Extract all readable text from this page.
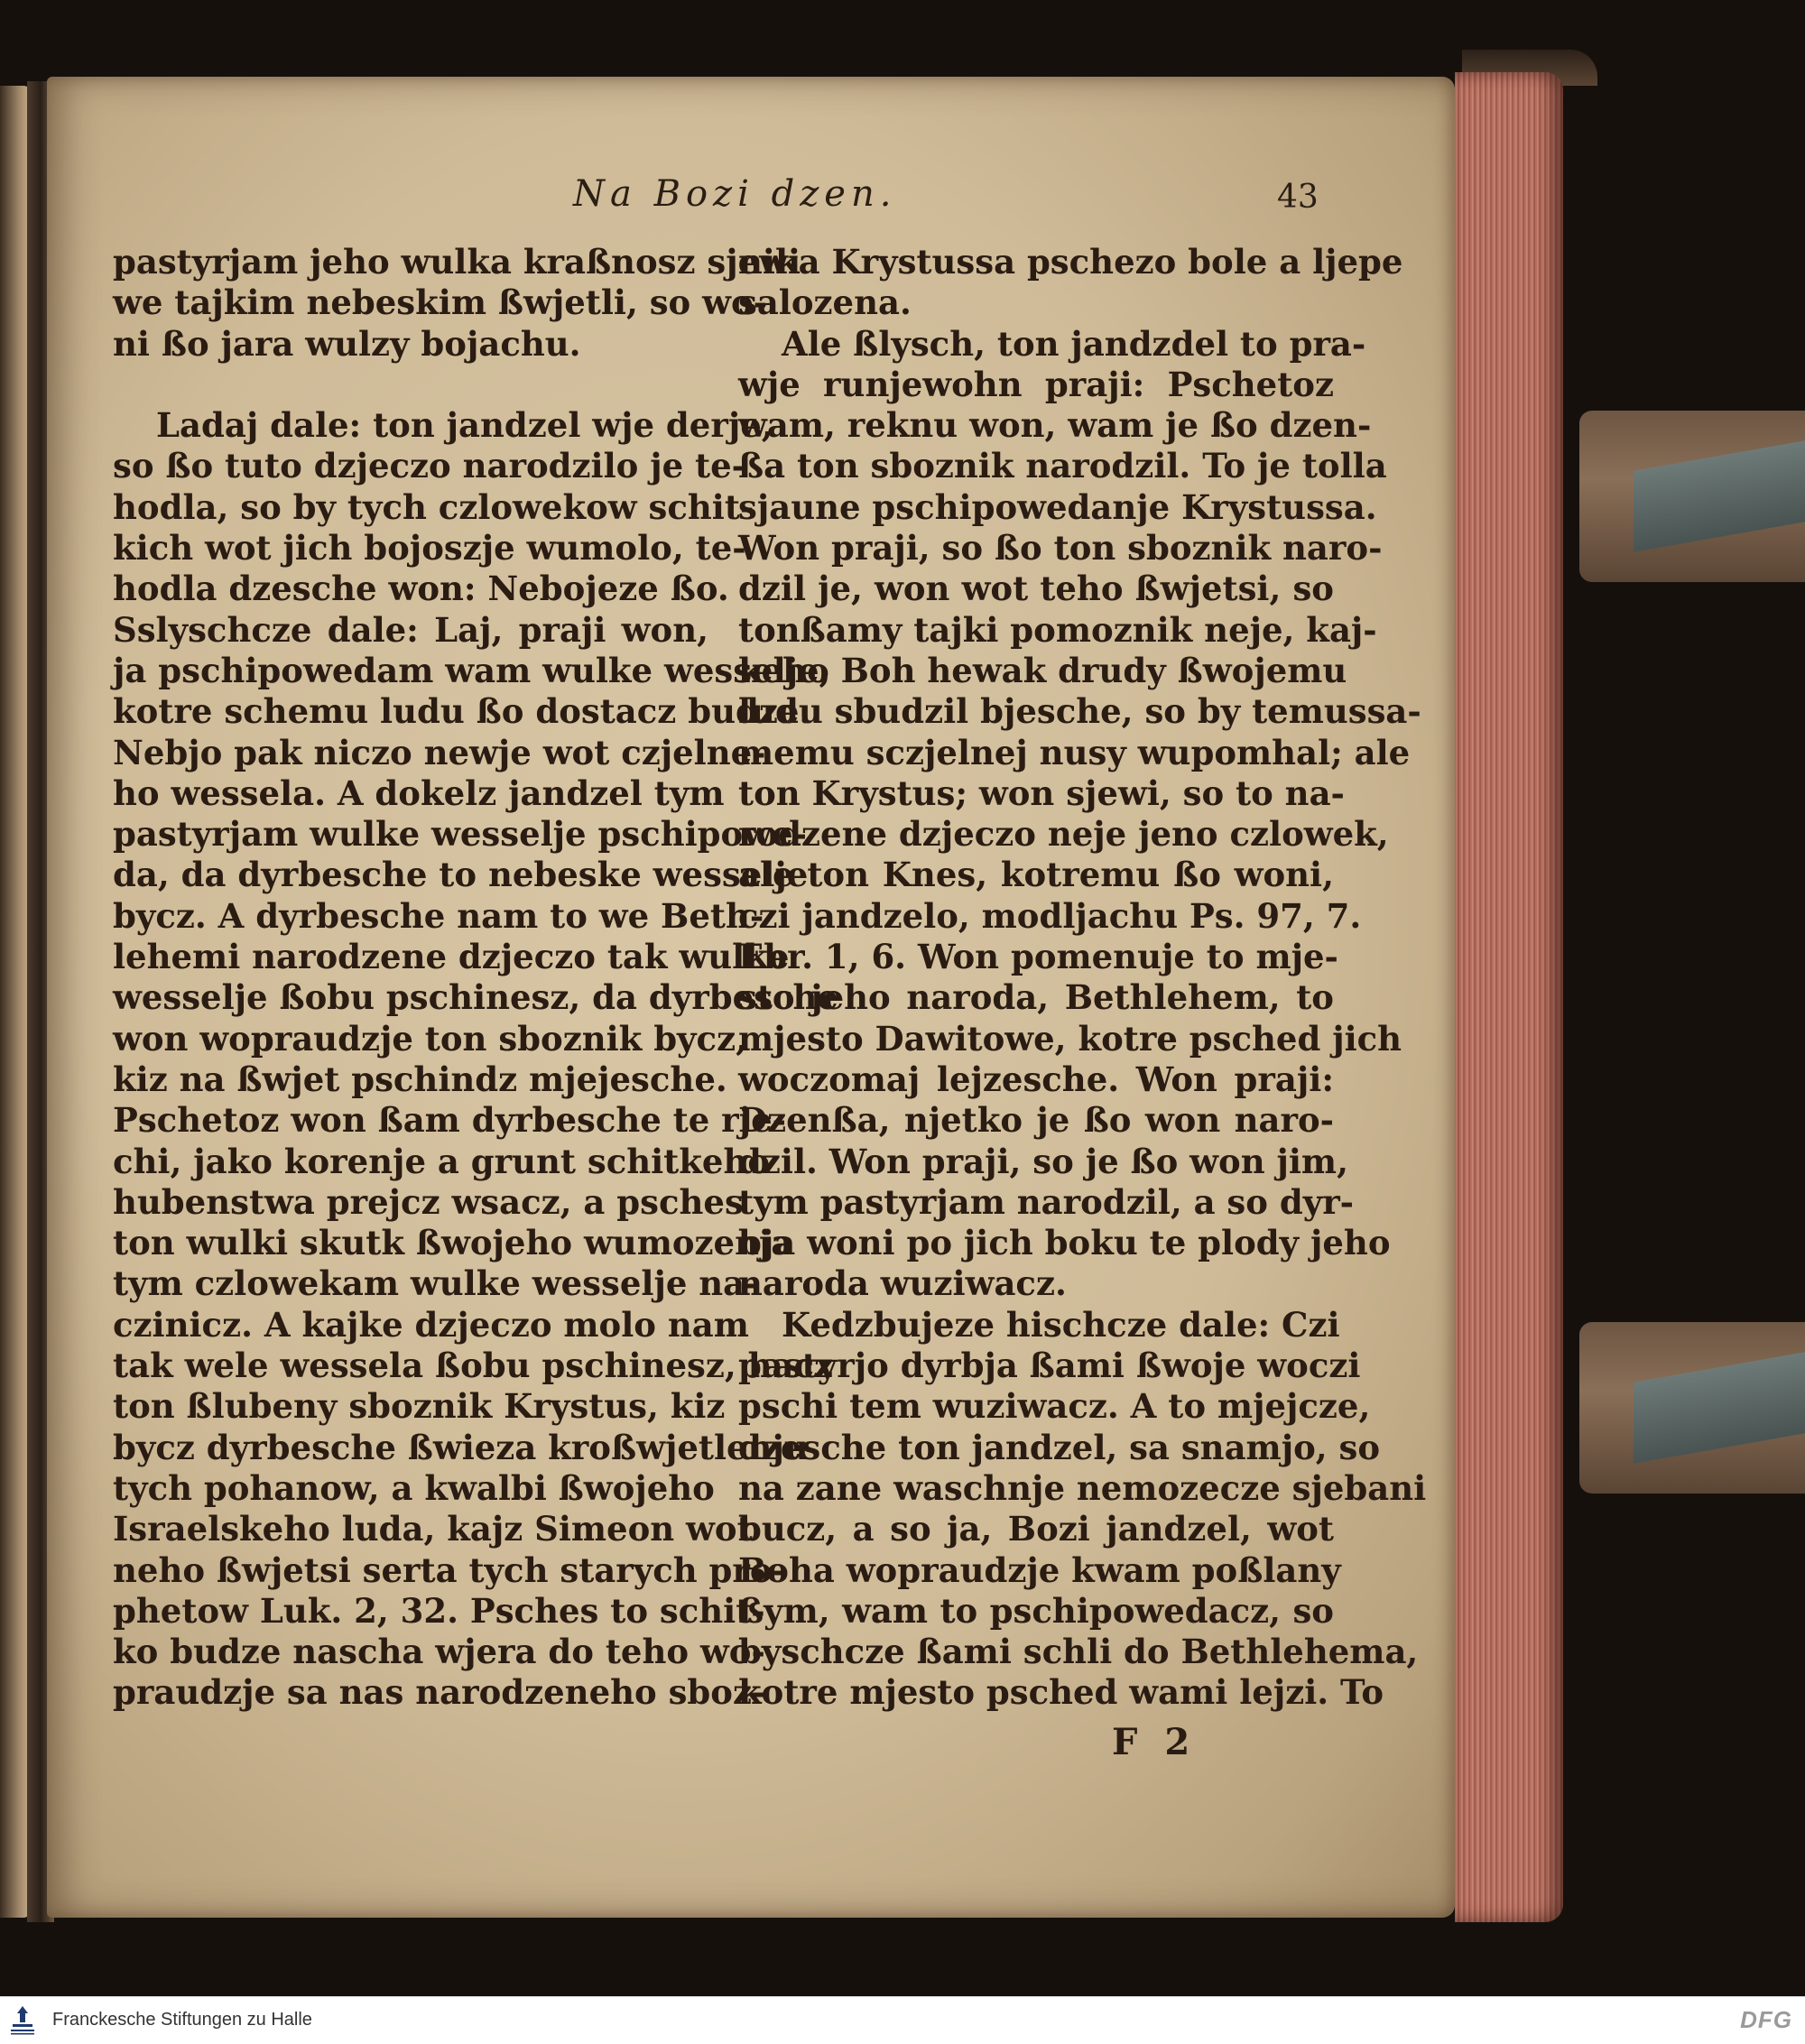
Na Bozi dzen.	43
pastyrjam jeho wulka kraßnosz sjewi
we tajkim nebeskim ßwjetli, so wo-
ni ßo jara wulzy bojachu.
Ladaj dale: ton jandzel wje derje,
so ßo tuto dzjeczo narodzilo je te-
hodla, so by tych czlowekow schit-
kich wot jich bojoszje wumolo, te-
hodla dzesche won: Nebojeze ßo.
Sslyschcze dale: Laj, praji won,
ja pschipowedam wam wulke wesselje,
kotre schemu ludu ßo dostacz budze.
Nebjo pak niczo newje wot czjelne-
ho wessela. A dokelz jandzel tym
pastyrjam wulke wesselje pschipowe-
da, da dyrbesche to nebeske wesselje
bycz. A dyrbesche nam to we Beth-
lehemi narodzene dzjeczo tak wulke
wesselje ßobu pschinesz, da dyrbesche
won wopraudzje ton sboznik bycz,
kiz na ßwjet pschindz mjejesche.
Pschetoz won ßam dyrbesche te rje-
chi, jako korenje a grunt schitkeho
hubenstwa prejcz wsacz, a psches
ton wulki skutk ßwojeho wumozenja
tym czlowekam wulke wesselje na-
czinicz. A kajke dzjeczo molo nam
tak wele wessela ßobu pschinesz, hacz
ton ßlubeny sboznik Krystus, kiz
bycz dyrbesche ßwieza kroßwjetlenju
tych pohanow, a kwalbi ßwojeho
Israelskeho luda, kajz Simeon wot
neho ßwjetsi serta tych starych pro-
phetow Luk. 2, 32. Psches to schit-
ko budze nascha wjera do teho wo-
praudzje sa nas narodzeneho sboz-
nika Krystussa pschezo bole a ljepe
salozena.
Ale ßlysch, ton jandzdel to pra-
wje runjewohn praji: Pschetoz
wam, reknu won, wam je ßo dzen-
ßa ton sboznik narodzil. To je tolla
sjaune pschipowedanje Krystussa.
Won praji, so ßo ton sboznik naro-
dzil je, won wot teho ßwjetsi, so
tonßamy tajki pomoznik neje, kaj-
keho Boh hewak drudy ßwojemu
ludu sbudzil bjesche, so by temussa-
memu sczjelnej nusy wupomhal; ale
ton Krystus; won sjewi, so to na-
rodzene dzjeczo neje jeno czlowek,
ale ton Knes, kotremu ßo woni,
czi jandzelo, modljachu Ps. 97, 7.
Ebr. 1, 6. Won pomenuje to mje-
sto jeho naroda, Bethlehem, to
mjesto Dawitowe, kotre psched jich
woczomaj lejzesche. Won praji:
Dzenßa, njetko je ßo won naro-
dzil. Won praji, so je ßo won jim,
tym pastyrjam narodzil, a so dyr-
bja woni po jich boku te plody jeho
naroda wuziwacz.
Kedzbujeze hischcze dale: Czi
pastyrjo dyrbja ßami ßwoje woczi
pschi tem wuziwacz. A to mjejcze,
dzesche ton jandzel, sa snamjo, so
na zane waschnje nemozecze sjebani
bucz, a so ja, Bozi jandzel, wot
Boha wopraudzje kwam poßlany
ßym, wam to pschipowedacz, so
byschcze ßami schli do Bethlehema,
kotre mjesto psched wami lejzi. To
F 2
Franckesche Stiftungen zu Halle	DFG
